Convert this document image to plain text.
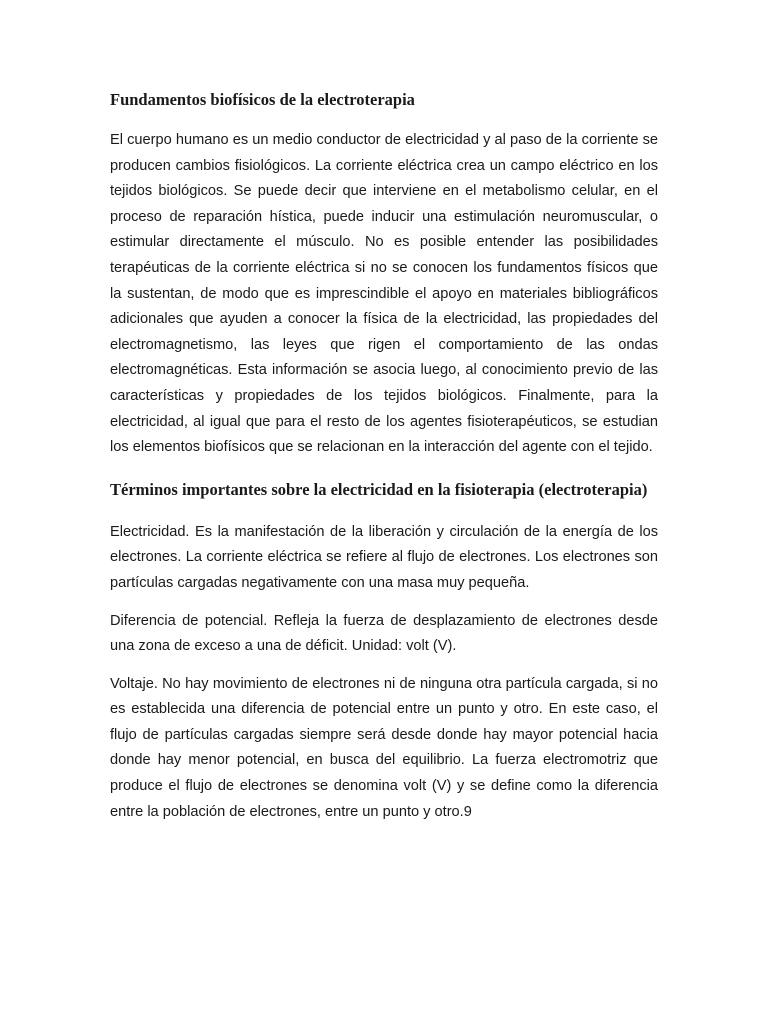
Fundamentos biofísicos de la electroterapia

El cuerpo humano es un medio conductor de electricidad y al paso de la corriente se producen cambios fisiológicos. La corriente eléctrica crea un campo eléctrico en los tejidos biológicos. Se puede decir que interviene en el metabolismo celular, en el proceso de reparación hística, puede inducir una estimulación neuromuscular, o estimular directamente el músculo. No es posible entender las posibilidades terapéuticas de la corriente eléctrica si no se conocen los fundamentos físicos que la sustentan, de modo que es imprescindible el apoyo en materiales bibliográficos adicionales que ayuden a conocer la física de la electricidad, las propiedades del electromagnetismo, las leyes que rigen el comportamiento de las ondas electromagnéticas. Esta información se asocia luego, al conocimiento previo de las características y propiedades de los tejidos biológicos. Finalmente, para la electricidad, al igual que para el resto de los agentes fisioterapéuticos, se estudian los elementos biofísicos que se relacionan en la interacción del agente con el tejido.

Términos importantes sobre la electricidad en la fisioterapia (electroterapia)

Electricidad. Es la manifestación de la liberación y circulación de la energía de los electrones. La corriente eléctrica se refiere al flujo de electrones. Los electrones son partículas cargadas negativamente con una masa muy pequeña.

Diferencia de potencial. Refleja la fuerza de desplazamiento de electrones desde una zona de exceso a una de déficit. Unidad: volt (V).

Voltaje. No hay movimiento de electrones ni de ninguna otra partícula cargada, si no es establecida una diferencia de potencial entre un punto y otro. En este caso, el flujo de partículas cargadas siempre será desde donde hay mayor potencial hacia donde hay menor potencial, en busca del equilibrio. La fuerza electromotriz que produce el flujo de electrones se denomina volt (V) y se define como la diferencia entre la población de electrones, entre un punto y otro.9
